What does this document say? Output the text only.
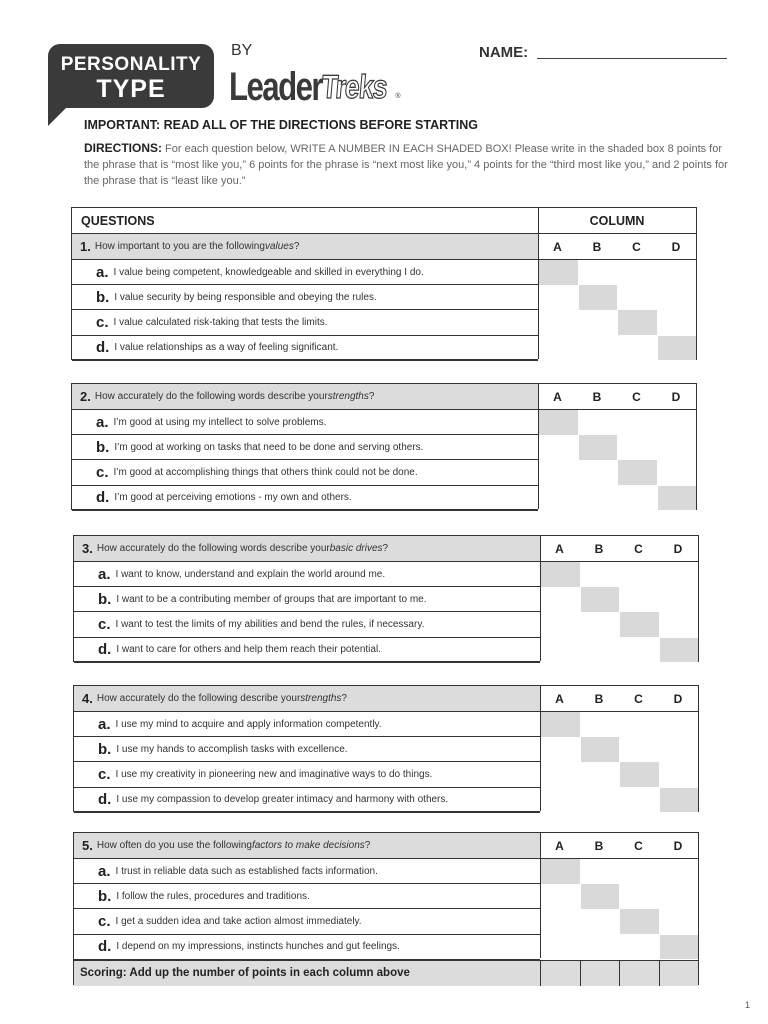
PERSONALITY
TYPE
BY
Leader
Treks ®
NAME:
IMPORTANT: READ ALL OF THE DIRECTIONS BEFORE STARTING
DIRECTIONS: For each question below, WRITE A NUMBER IN EACH SHADED BOX! Please write in the shaded box 8 points for the phrase that is “most like you,” 6 points for the phrase is “next most like you,” 4 points for the “third most like you,” and 2 points for the phrase that is “least like you.”
QUESTIONS	COLUMN
1. How important to you are the following values ?	A	B	C	D
a. I value being competent, knowledgeable and skilled in everything I do.
b. I value security by being responsible and obeying the rules.
c. I value calculated risk-taking that tests the limits.
d. I value relationships as a way of feeling significant.
2. How accurately do the following words describe your strengths ?	A	B	C	D
a. I’m good at using my intellect to solve problems.
b. I’m good at working on tasks that need to be done and serving others.
c. I’m good at accomplishing things that others think could not be done.
d. I’m good at perceiving emotions - my own and others.
3. How accurately do the following words describe your basic drives ?	A	B	C	D
a. I want to know, understand and explain the world around me.
b. I want to be a contributing member of groups that are important to me.
c. I want to test the limits of my abilities and bend the rules, if necessary.
d. I want to care for others and help them reach their potential.
4. How accurately do the following describe your strengths ?	A	B	C	D
a. I use my mind to acquire and apply information competently.
b. I use my hands to accomplish tasks with excellence.
c. I use my creativity in pioneering new and imaginative ways to do things.
d. I use my compassion to develop greater intimacy and harmony with others.
5. How often do you use the following factors to make decisions ?	A	B	C	D
a. I trust in reliable data such as established facts information.
b. I follow the rules, procedures and traditions.
c. I get a sudden idea and take action almost immediately.
d. I depend on my impressions, instincts hunches and gut feelings.
Scoring: Add up the number of points in each column above
1
